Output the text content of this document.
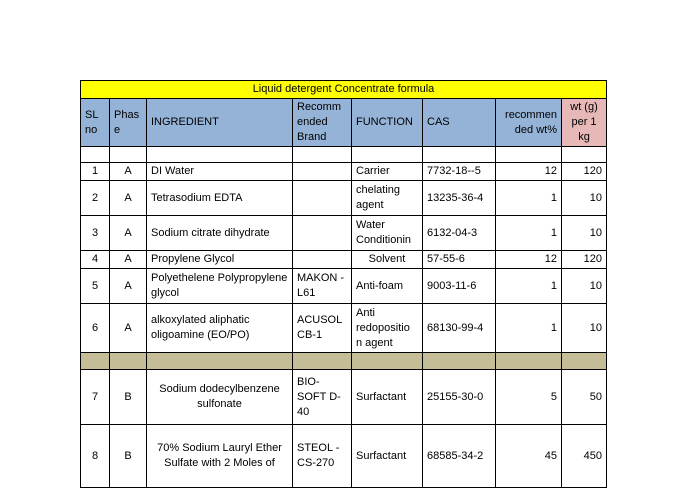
Liquid detergent Concentrate formula							
SL no	Phas e	INGREDIENT	Recomm ended Brand	FUNCTION	CAS	recommen ded wt%	wt (g) per 1 kg

1	A	DI Water		Carrier	7732-18--5	12	120
2	A	Tetrasodium EDTA		chelating agent	13235-36-4	1	10
3	A	Sodium citrate dihydrate		Water Conditionin	6132-04-3	1	10
4	A	Propylene Glycol		Solvent	57-55-6	12	120
5	A	Polyethelene Polypropylene glycol	MAKON - L61	Anti-foam	9003-11-6	1	10
6	A	alkoxylated aliphatic oligoamine (EO/PO)	ACUSOL CB-1	Anti redopositio n agent	68130-99-4	1	10

7	B	Sodium dodecylbenzene sulfonate	BIO-SOFT D-40	Surfactant	25155-30-0	5	50
8	B	70% Sodium Lauryl Ether Sulfate with 2 Moles of	STEOL - CS-270	Surfactant	68585-34-2	45	450
